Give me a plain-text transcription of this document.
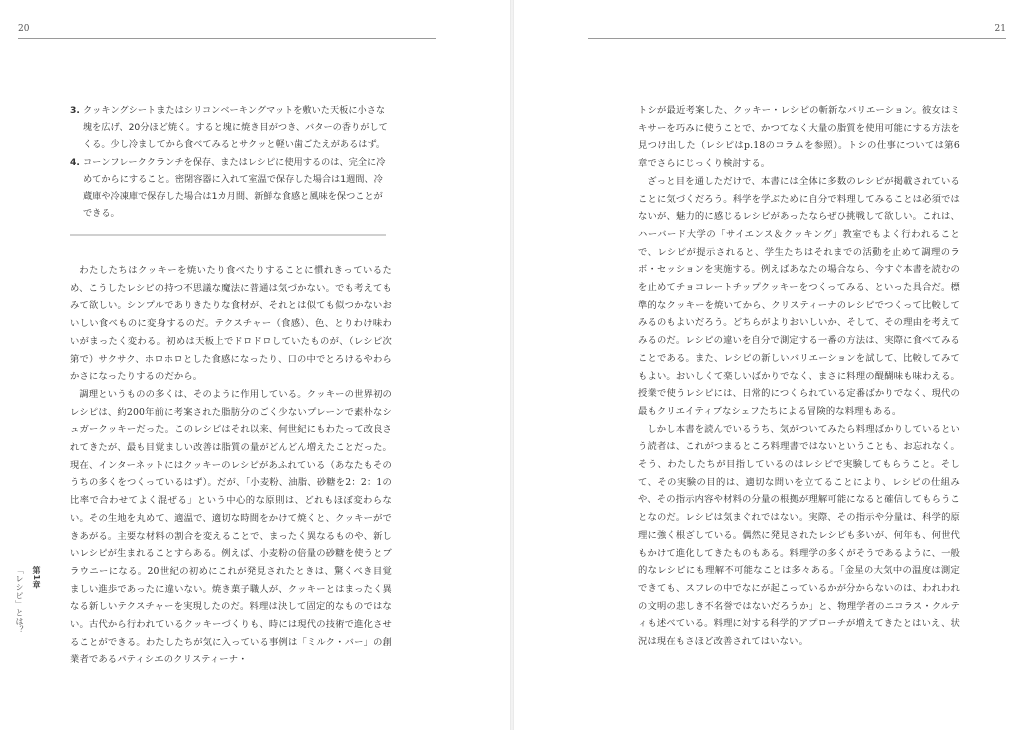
20
3. クッキングシートまたはシリコンベーキングマットを敷いた天板に小さな塊を広げ、20分ほど焼く。すると塊に焼き目がつき、バターの香りがしてくる。少し冷ましてから食べてみるとサクッと軽い歯ごたえがあるはず。
4. コーンフレーククランチを保存、またはレシピに使用するのは、完全に冷めてからにすること。密閉容器に入れて室温で保存した場合は1週間、冷蔵庫や冷凍庫で保存した場合は1カ月間、新鮮な食感と風味を保つことができる。

わたしたちはクッキーを焼いたり食べたりすることに慣れきっているため、こうしたレシピの持つ不思議な魔法に普通は気づかない。でも考えてもみて欲しい。シンプルでありきたりな食材が、それとは似ても似つかないおいしい食べものに変身するのだ。テクスチャー（食感）、色、とりわけ味わいがまったく変わる。初めは天板上でドロドロしていたものが、（レシピ次第で）サクサク、ホロホロとした食感になったり、口の中でとろけるやわらかさになったりするのだから。

調理というものの多くは、そのように作用している。クッキーの世界初のレシピは、約200年前に考案された脂肪分のごく少ないプレーンで素朴なシュガークッキーだった。このレシピはそれ以来、何世紀にもわたって改良されてきたが、最も目覚ましい改善は脂質の量がどんどん増えたことだった。現在、インターネットにはクッキーのレシピがあふれている（あなたもそのうちの多くをつくっているはず）。だが、「小麦粉、油脂、砂糖を2：2：1の比率で合わせてよく混ぜる」という中心的な原則は、どれもほぼ変わらない。その生地を丸めて、適温で、適切な時間をかけて焼くと、クッキーができあがる。主要な材料の割合を変えることで、まったく異なるものや、新しいレシピが生まれることすらある。例えば、小麦粉の倍量の砂糖を使うとブラウニーになる。20世紀の初めにこれが発見されたときは、驚くべき目覚ましい進歩であったに違いない。焼き菓子職人が、クッキーとはまったく異なる新しいテクスチャーを実現したのだ。料理は決して固定的なものではない。古代から行われているクッキーづくりも、時には現代の技術で進化させることができる。わたしたちが気に入っている事例は「ミルク・バー」の創業者であるパティシエのクリスティーナ・

第1章
「レシピ」とは？
21

トシが最近考案した、クッキー・レシピの斬新なバリエーション。彼女はミキサーを巧みに使うことで、かつてなく大量の脂質を使用可能にする方法を見つけ出した（レシピはp.18のコラムを参照）。トシの仕事については第6章でさらにじっくり検討する。

ざっと目を通しただけで、本書には全体に多数のレシピが掲載されていることに気づくだろう。科学を学ぶために自分で料理してみることは必須ではないが、魅力的に感じるレシピがあったならぜひ挑戦して欲しい。これは、ハーバード大学の「サイエンス＆クッキング」教室でもよく行われることで、レシピが提示されると、学生たちはそれまでの活動を止めて調理のラボ・セッションを実施する。例えばあなたの場合なら、今すぐ本書を読むのを止めてチョコレートチップクッキーをつくってみる、といった具合だ。標準的なクッキーを焼いてから、クリスティーナのレシピでつくって比較してみるのもよいだろう。どちらがよりおいしいか、そして、その理由を考えてみるのだ。レシピの違いを自分で測定する一番の方法は、実際に食べてみることである。また、レシピの新しいバリエーションを試して、比較してみてもよい。おいしくて楽しいばかりでなく、まさに料理の醍醐味も味わえる。授業で使うレシピには、日常的につくられている定番ばかりでなく、現代の最もクリエイティブなシェフたちによる冒険的な料理もある。

しかし本書を読んでいるうち、気がついてみたら料理ばかりしているという読者は、これがつまるところ料理書ではないということも、お忘れなく。そう、わたしたちが目指しているのはレシピで実験してもらうこと。そして、その実験の目的は、適切な問いを立てることにより、レシピの仕組みや、その指示内容や材料の分量の根拠が理解可能になると確信してもらうことなのだ。レシピは気まぐれではない。実際、その指示や分量は、科学的原理に強く根ざしている。偶然に発見されたレシピも多いが、何年も、何世代もかけて進化してきたものもある。料理学の多くがそうであるように、一般的なレシピにも理解不可能なことは多々ある。「金星の大気中の温度は測定できても、スフレの中でなにが起こっているかが分からないのは、われわれの文明の悲しき不名誉ではないだろうか」と、物理学者のニコラス・クルティも述べている。料理に対する科学的アプローチが増えてきたとはいえ、状況は現在もさほど改善されてはいない。
